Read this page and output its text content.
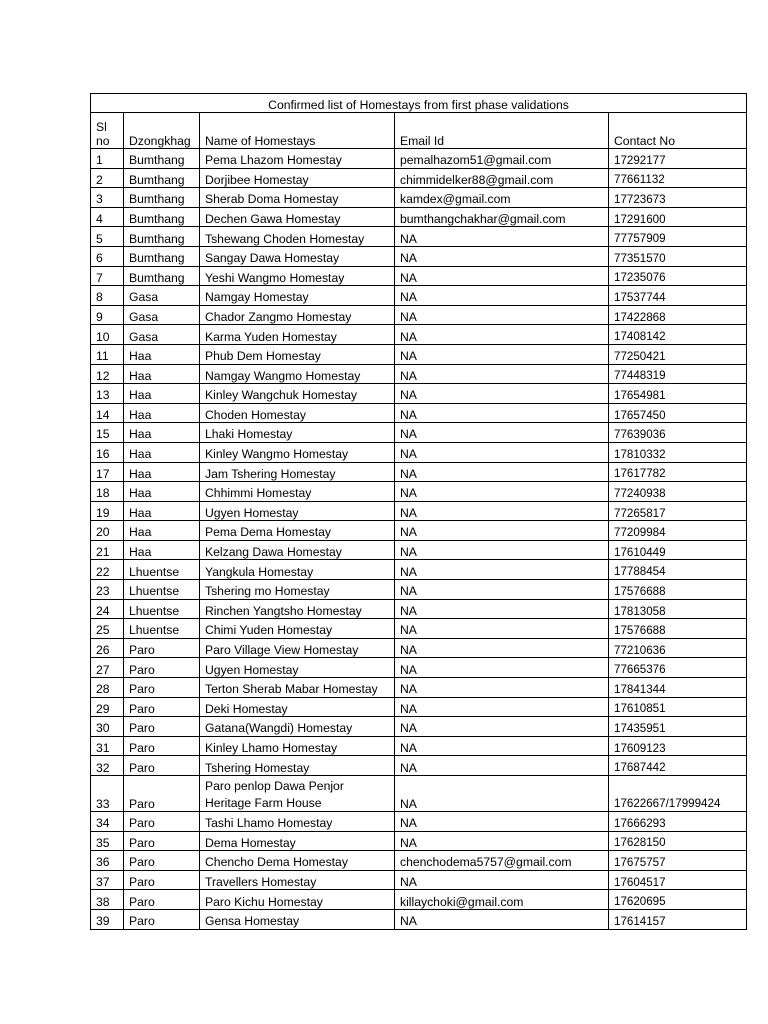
Confirmed list of Homestays from first phase validations				
Sl no	Dzongkhag	Name of Homestays	Email Id	Contact No
1	Bumthang	Pema Lhazom Homestay	pemalhazom51@gmail.com	17292177
2	Bumthang	Dorjibee Homestay	chimmidelker88@gmail.com	77661132
3	Bumthang	Sherab Doma Homestay	kamdex@gmail.com	17723673
4	Bumthang	Dechen Gawa Homestay	bumthangchakhar@gmail.com	17291600
5	Bumthang	Tshewang Choden Homestay	NA	77757909
6	Bumthang	Sangay Dawa Homestay	NA	77351570
7	Bumthang	Yeshi Wangmo Homestay	NA	17235076
8	Gasa	Namgay Homestay	NA	17537744
9	Gasa	Chador Zangmo Homestay	NA	17422868
10	Gasa	Karma Yuden Homestay	NA	17408142
11	Haa	Phub Dem Homestay	NA	77250421
12	Haa	Namgay Wangmo Homestay	NA	77448319
13	Haa	Kinley Wangchuk Homestay	NA	17654981
14	Haa	Choden Homestay	NA	17657450
15	Haa	Lhaki Homestay	NA	77639036
16	Haa	Kinley Wangmo Homestay	NA	17810332
17	Haa	Jam Tshering Homestay	NA	17617782
18	Haa	Chhimmi Homestay	NA	77240938
19	Haa	Ugyen Homestay	NA	77265817
20	Haa	Pema Dema Homestay	NA	77209984
21	Haa	Kelzang Dawa Homestay	NA	17610449
22	Lhuentse	Yangkula Homestay	NA	17788454
23	Lhuentse	Tshering mo Homestay	NA	17576688
24	Lhuentse	Rinchen Yangtsho Homestay	NA	17813058
25	Lhuentse	Chimi Yuden Homestay	NA	17576688
26	Paro	Paro Village View Homestay	NA	77210636
27	Paro	Ugyen Homestay	NA	77665376
28	Paro	Terton Sherab Mabar Homestay	NA	17841344
29	Paro	Deki Homestay	NA	17610851
30	Paro	Gatana(Wangdi) Homestay	NA	17435951
31	Paro	Kinley Lhamo Homestay	NA	17609123
32	Paro	Tshering Homestay	NA	17687442
33	Paro	Paro penlop Dawa Penjor Heritage Farm House	NA	17622667/17999424
34	Paro	Tashi Lhamo Homestay	NA	17666293
35	Paro	Dema Homestay	NA	17628150
36	Paro	Chencho Dema Homestay	chenchodema5757@gmail.com	17675757
37	Paro	Travellers Homestay	NA	17604517
38	Paro	Paro Kichu Homestay	killaychoki@gmail.com	17620695
39	Paro	Gensa Homestay	NA	17614157
